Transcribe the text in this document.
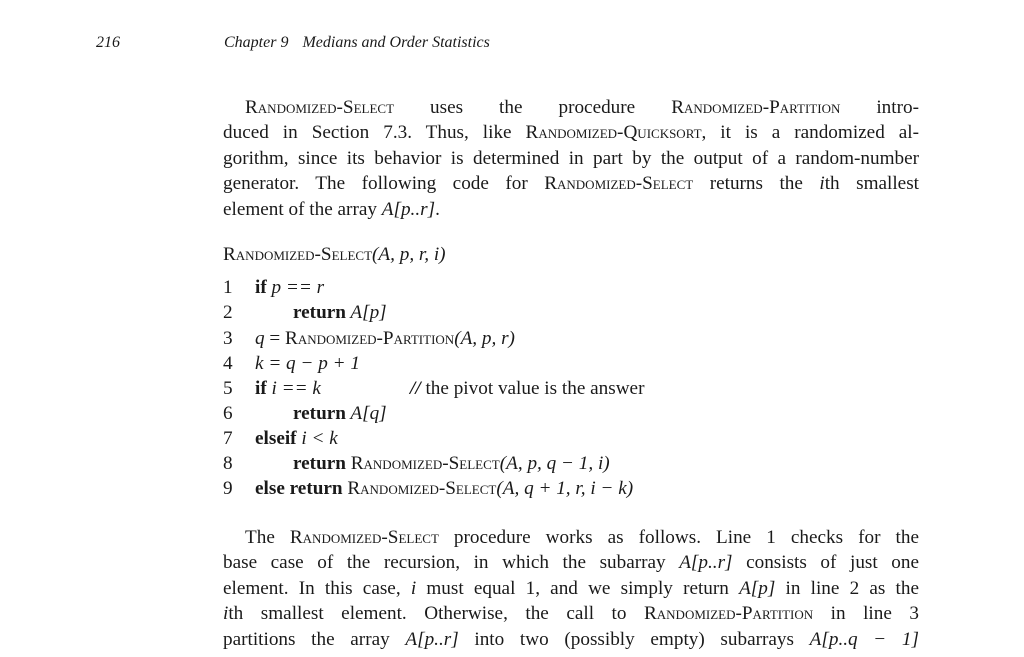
216	Chapter 9 Medians and Order Statistics
Randomized-Select uses the procedure Randomized-Partition intro-
duced in Section 7.3. Thus, like Randomized-Quicksort, it is a randomized al-
gorithm, since its behavior is determined in part by the output of a random-number
generator. The following code for Randomized-Select returns the ith smallest
element of the array A[p..r].
Randomized-Select(A, p, r, i)
1 if p == r
2	return A[p]
3 q = Randomized-Partition(A, p, r)
4 k = q − p + 1
5 if i == k	// the pivot value is the answer
6	return A[q]
7 elseif i < k
8	return Randomized-Select(A, p, q − 1, i)
9 else return Randomized-Select(A, q + 1, r, i − k)
The Randomized-Select procedure works as follows. Line 1 checks for the
base case of the recursion, in which the subarray A[p..r] consists of just one
element. In this case, i must equal 1, and we simply return A[p] in line 2 as the
ith smallest element. Otherwise, the call to Randomized-Partition in line 3
partitions the array A[p..r] into two (possibly empty) subarrays A[p..q − 1]
